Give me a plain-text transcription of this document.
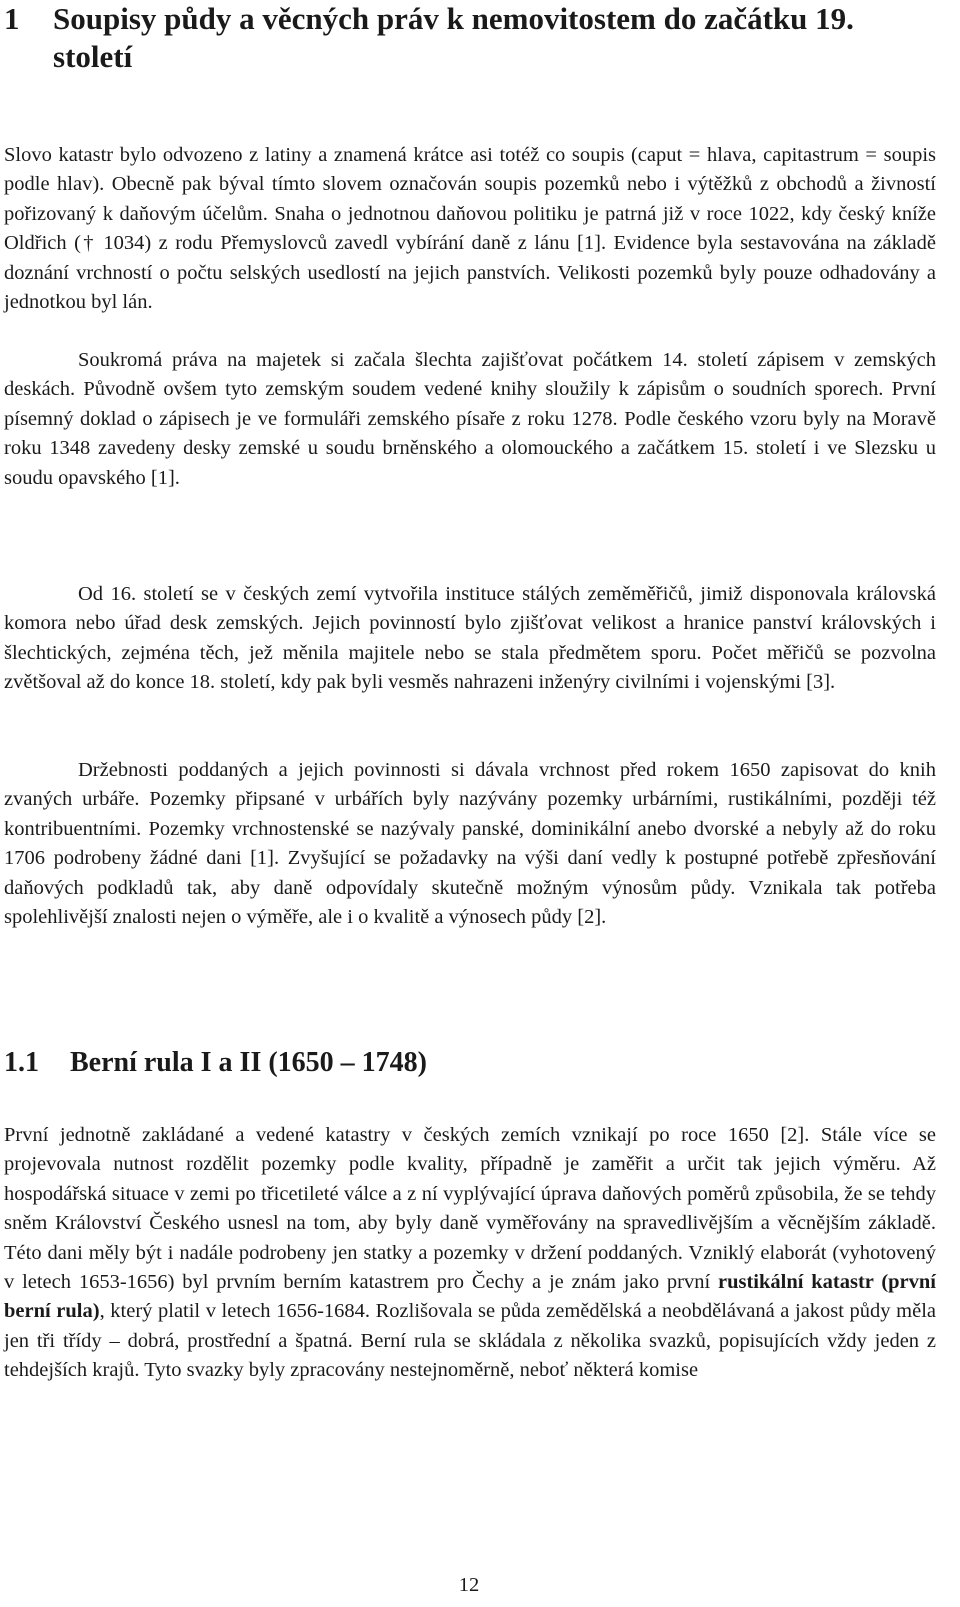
1 Soupisy půdy a věcných práv k nemovitostem do začátku 19. století

Slovo katastr bylo odvozeno z latiny a znamená krátce asi totéž co soupis (caput = hlava, capitastrum = soupis podle hlav). Obecně pak býval tímto slovem označován soupis pozemků nebo i výtěžků z obchodů a živností pořizovaný k daňovým účelům. Snaha o jednotnou daňovou politiku je patrná již v roce 1022, kdy český kníže Oldřich († 1034) z rodu Přemyslovců zavedl vybírání daně z lánu [1]. Evidence byla sestavována na základě doznání vrchností o počtu selských usedlostí na jejich panstvích. Velikosti pozemků byly pouze odhadovány a jednotkou byl lán.

Soukromá práva na majetek si začala šlechta zajišťovat počátkem 14. století zápisem v zemských deskách. Původně ovšem tyto zemským soudem vedené knihy sloužily k zápisům o soudních sporech. První písemný doklad o zápisech je ve formuláři zemského písaře z roku 1278. Podle českého vzoru byly na Moravě roku 1348 zavedeny desky zemské u soudu brněnského a olomouckého a začátkem 15. století i ve Slezsku u soudu opavského [1].

Od 16. století se v českých zemí vytvořila instituce stálých zeměměřičů, jimiž disponovala královská komora nebo úřad desk zemských. Jejich povinností bylo zjišťovat velikost a hranice panství královských i šlechtických, zejména těch, jež měnila majitele nebo se stala předmětem sporu. Počet měřičů se pozvolna zvětšoval až do konce 18. století, kdy pak byli vesměs nahrazeni inženýry civilními i vojenskými [3].

Držebnosti poddaných a jejich povinnosti si dávala vrchnost před rokem 1650 zapisovat do knih zvaných urbáře. Pozemky připsané v urbářích byly nazývány pozemky urbárními, rustikálními, později též kontribuentními. Pozemky vrchnostenské se nazývaly panské, dominikální anebo dvorské a nebyly až do roku 1706 podrobeny žádné dani [1]. Zvyšující se požadavky na výši daní vedly k postupné potřebě zpřesňování daňových podkladů tak, aby daně odpovídaly skutečně možným výnosům půdy. Vznikala tak potřeba spolehlivější znalosti nejen o výměře, ale i o kvalitě a výnosech půdy [2].

1.1 Berní rula I a II (1650 – 1748)

První jednotně zakládané a vedené katastry v českých zemích vznikají po roce 1650 [2]. Stále více se projevovala nutnost rozdělit pozemky podle kvality, případně je zaměřit a určit tak jejich výměru. Až hospodářská situace v zemi po třicetileté válce a z ní vyplývající úprava daňových poměrů způsobila, že se tehdy sněm Království Českého usnesl na tom, aby byly daně vyměřovány na spravedlivějším a věcnějším základě. Této dani měly být i nadále podrobeny jen statky a pozemky v držení poddaných. Vzniklý elaborát (vyhotovený v letech 1653-1656) byl prvním berním katastrem pro Čechy a je znám jako první rustikální katastr (první berní rula), který platil v letech 1656-1684. Rozlišovala se půda zemědělská a neobdělávaná a jakost půdy měla jen tři třídy – dobrá, prostřední a špatná. Berní rula se skládala z několika svazků, popisujících vždy jeden z tehdejších krajů. Tyto svazky byly zpracovány nestejnoměrně, neboť některá komise

12
